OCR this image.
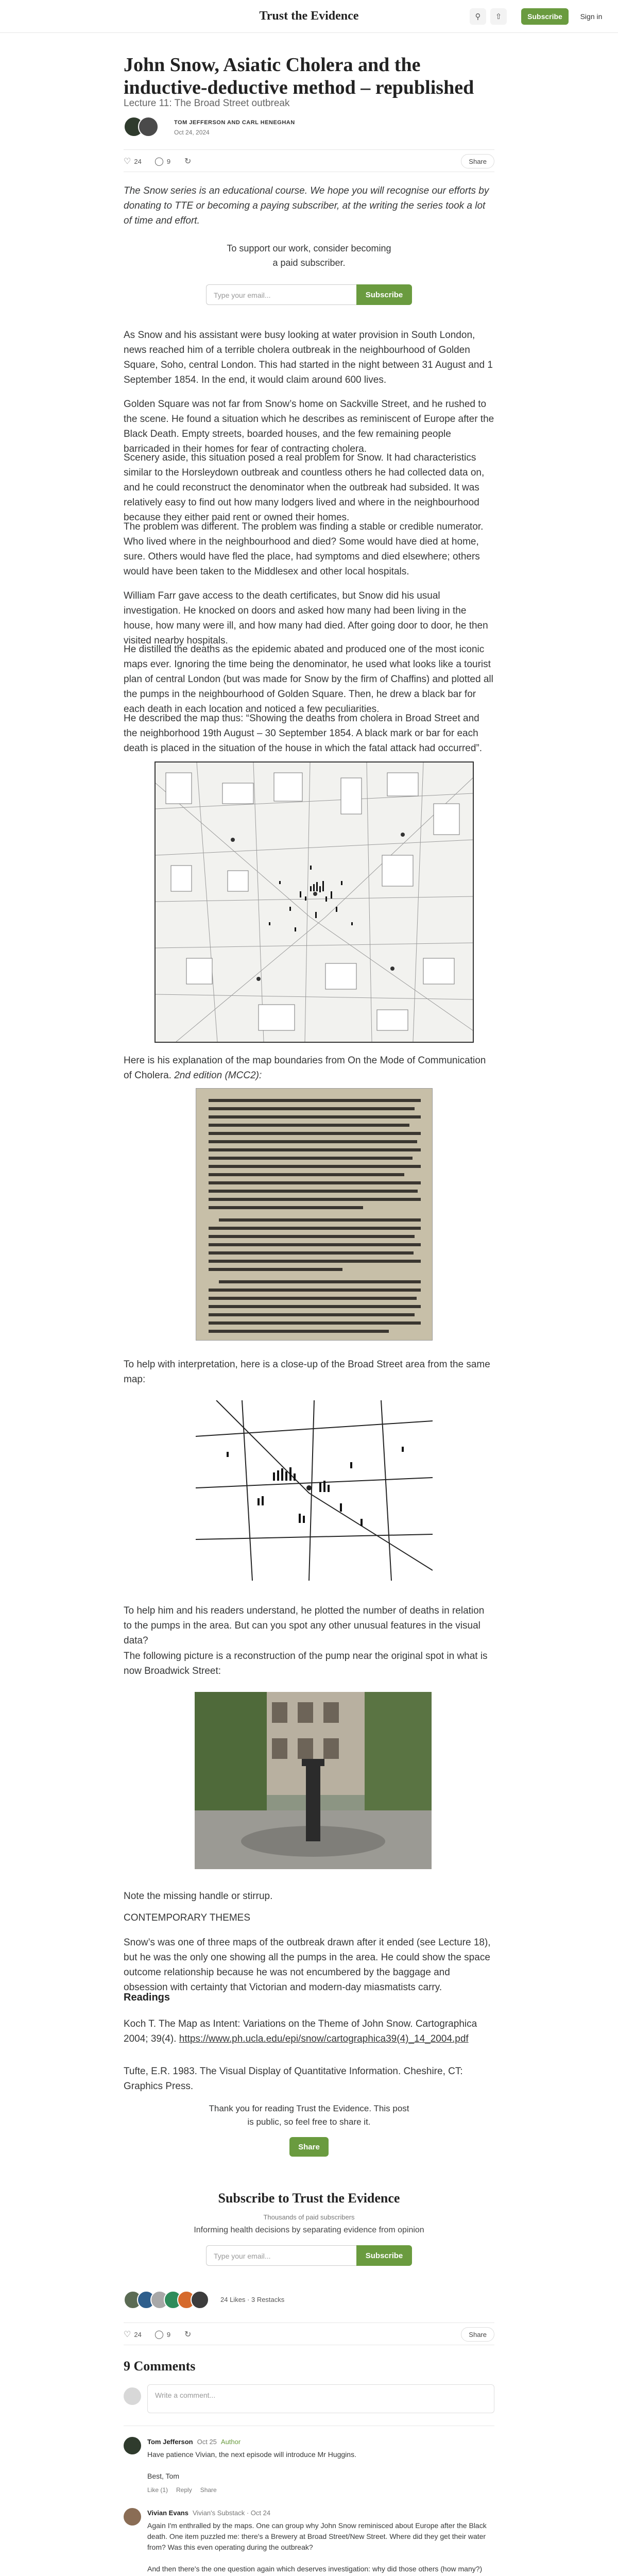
Trust the Evidence	⚲	⇧	Subscribe	Sign in
John Snow, Asiatic Cholera and the inductive-deductive method – republished
Lecture 11: The Broad Street outbreak
TOM JEFFERSON AND CARL HENEGHAN
Oct 24, 2024
♡ 24 ◯ 9 ↻	Share
The Snow series is an educational course. We hope you will recognise our efforts by donating to TTE or becoming a paying subscriber, at the writing the series took a lot of time and effort.
To support our work, consider becoming a paid subscriber.
Type your email...	Subscribe
As Snow and his assistant were busy looking at water provision in South London, news reached him of a terrible cholera outbreak in the neighbourhood of Golden Square, Soho, central London. This had started in the night between 31 August and 1 September 1854. In the end, it would claim around 600 lives.
Golden Square was not far from Snow’s home on Sackville Street, and he rushed to the scene. He found a situation which he describes as reminiscent of Europe after the Black Death. Empty streets, boarded houses, and the few remaining people barricaded in their homes for fear of contracting cholera.
Scenery aside, this situation posed a real problem for Snow. It had characteristics similar to the Horsleydown outbreak and countless others he had collected data on, and he could reconstruct the denominator when the outbreak had subsided. It was relatively easy to find out how many lodgers lived and where in the neighbourhood because they either paid rent or owned their homes.
The problem was different. The problem was finding a stable or credible numerator. Who lived where in the neighbourhood and died? Some would have died at home, sure. Others would have fled the place, had symptoms and died elsewhere; others would have been taken to the Middlesex and other local hospitals.
William Farr gave access to the death certificates, but Snow did his usual investigation. He knocked on doors and asked how many had been living in the house, how many were ill, and how many had died. After going door to door, he then visited nearby hospitals.
He distilled the deaths as the epidemic abated and produced one of the most iconic maps ever. Ignoring the time being the denominator, he used what looks like a tourist plan of central London (but was made for Snow by the firm of Chaffins) and plotted all the pumps in the neighbourhood of Golden Square. Then, he drew a black bar for each death in each location and noticed a few peculiarities.
He described the map thus: “Showing the deaths from cholera in Broad Street and the neighborhood 19th August – 30 September 1854. A black mark or bar for each death is placed in the situation of the house in which the fatal attack had occurred”.
Here is his explanation of the map boundaries from On the Mode of Communication of Cholera. 2nd edition (MCC2):
To help with interpretation, here is a close-up of the Broad Street area from the same map:
To help him and his readers understand, he plotted the number of deaths in relation to the pumps in the area. But can you spot any other unusual features in the visual data?
The following picture is a reconstruction of the pump near the original spot in what is now Broadwick Street:
Note the missing handle or stirrup.
CONTEMPORARY THEMES
Snow’s was one of three maps of the outbreak drawn after it ended (see Lecture 18), but he was the only one showing all the pumps in the area. He could show the space outcome relationship because he was not encumbered by the baggage and obsession with certainty that Victorian and modern-day miasmatists carry.
Readings
Koch T. The Map as Intent: Variations on the Theme of John Snow. Cartographica 2004; 39(4). https://www.ph.ucla.edu/epi/snow/cartographica39(4)_14_2004.pdf
Tufte, E.R. 1983. The Visual Display of Quantitative Information. Cheshire, CT: Graphics Press.
Thank you for reading Trust the Evidence. This post is public, so feel free to share it.
Share
Subscribe to Trust the Evidence
Thousands of paid subscribers
Informing health decisions by separating evidence from opinion
Type your email...	Subscribe
24 Likes · 3 Restacks
♡ 24 ◯ 9 ↻	Share
9 Comments
Write a comment...
Tom Jefferson Oct 25 Author
Have patience Vivian, the next episode will introduce Mr Huggins.

Best, Tom
Like (1) Reply Share
Vivian Evans Vivian's Substack · Oct 24
Again I'm enthralled by the maps. One can group why John Snow reminisced about Europe after the Black death. One item puzzled me: there's a Brewery at Broad Street/New Street. Where did they get their water from? Was this even operating during the outbreak?

And then there's the one question again which deserves investigation: why did those others (how many?)
